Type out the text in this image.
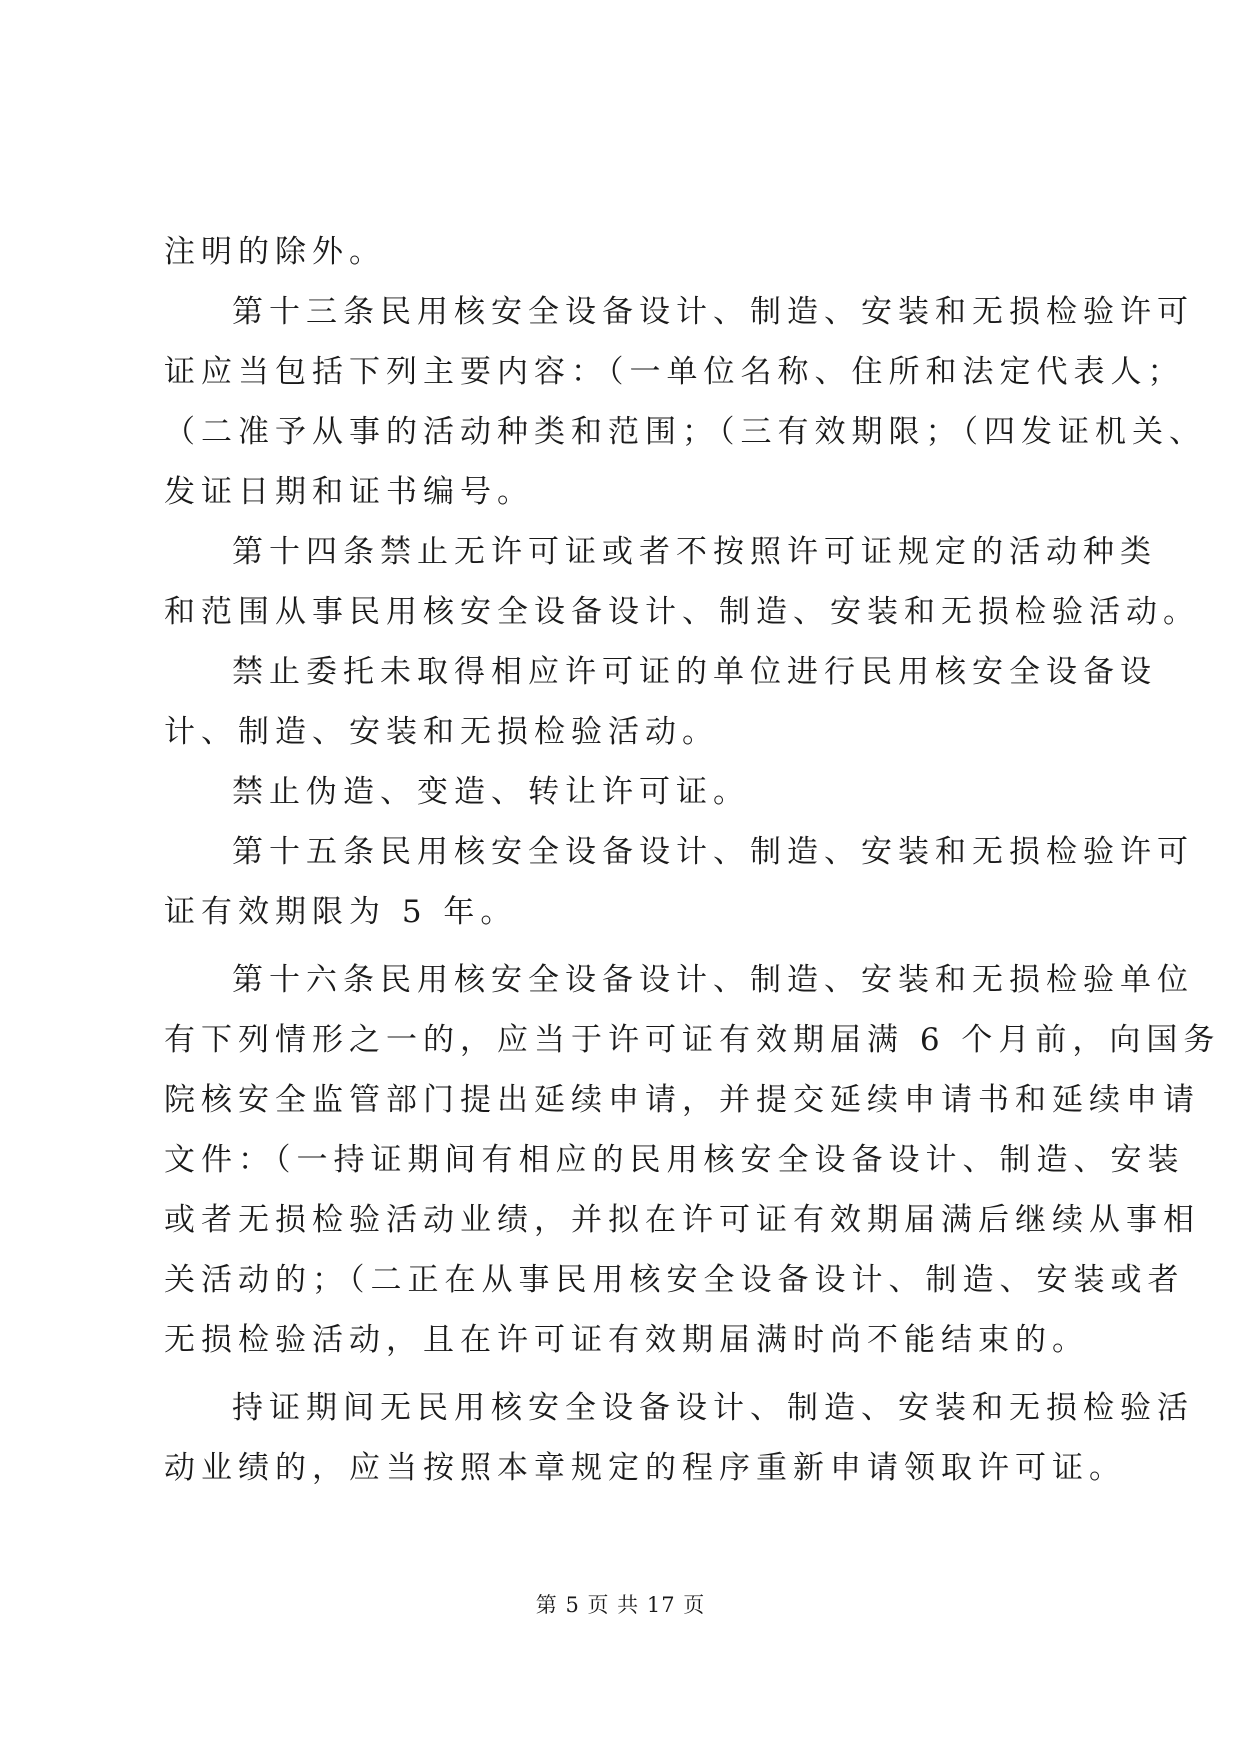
注明的除外。
第十三条民用核安全设备设计、制造、安装和无损检验许可
证应当包括下列主要内容：（一单位名称、住所和法定代表人；
（二准予从事的活动种类和范围；（三有效期限；（四发证机关、
发证日期和证书编号。
第十四条禁止无许可证或者不按照许可证规定的活动种类
和范围从事民用核安全设备设计、制造、安装和无损检验活动。
禁止委托未取得相应许可证的单位进行民用核安全设备设
计、制造、安装和无损检验活动。
禁止伪造、变造、转让许可证。
第十五条民用核安全设备设计、制造、安装和无损检验许可
证有效期限为 5 年。
第十六条民用核安全设备设计、制造、安装和无损检验单位
有下列情形之一的，应当于许可证有效期届满 6 个月前，向国务
院核安全监管部门提出延续申请，并提交延续申请书和延续申请
文件：（一持证期间有相应的民用核安全设备设计、制造、安装
或者无损检验活动业绩，并拟在许可证有效期届满后继续从事相
关活动的；（二正在从事民用核安全设备设计、制造、安装或者
无损检验活动，且在许可证有效期届满时尚不能结束的。
持证期间无民用核安全设备设计、制造、安装和无损检验活
动业绩的，应当按照本章规定的程序重新申请领取许可证。
第 5 页 共 17 页
